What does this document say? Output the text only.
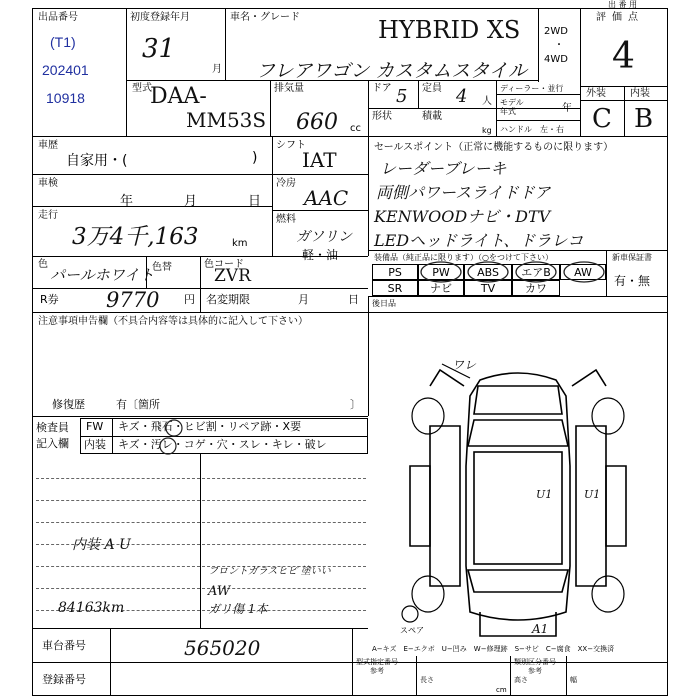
出 番 用
出品番号
(T1)
202401
10918
初度登録年月
31
月
車名・グレード	HYBRID XS
フレアワゴン カスタムスタイル
2WD
・
4WD
評価点
4
外装 内装
C B
型式
DAA-
MM53S
排気量
660 cc
ドア 5 定員 4 人
ディーラー・並行
モデル
年式	年
形状	積載
kg ハンドル 左・右
車歴
自家用・(	)
シフト
IAT
車検
年	月	日
冷房
AAC
走行
3万4千,163	km
燃料
ガソリン
軽・油
色
パールホワイト
色替	色コード
ZVR
R券 9770 円 名変期限	月	日
セールスポイント（正常に機能するものに限ります）
レーダーブレーキ
両側パワースライドドア
KENWOODナビ・DTV
LEDヘッドライト、ドラレコ
装備品（純正品に限ります）（○をつけて下さい）	新車保証書
有・無
後日品
PS	PW	ABS	エアB	AW
SR	ナビ	TV	カワ
注意事項申告欄（不具合内容等は具体的に記入して下さい）
修復歴	有〔箇所	〕
検査員
記入欄
FW キズ・飛石・ヒビ割・リペア跡・X要
内装 キズ・汚レ・コゲ・穴・スレ・キレ・破レ
内装 A U
フロントガラスヒビ 塗いい
AW
ガリ傷 1本
84163km
ワレ
U1	U1
A1
スペア
A−キズ　E−エクボ　U−凹み　W−修理跡　S−サビ　C−腐食　XX−交換済
車台番号	565020
登録番号
型式指定番号
参考
長さ
類別区分番号
参考
高さ	幅
cm
